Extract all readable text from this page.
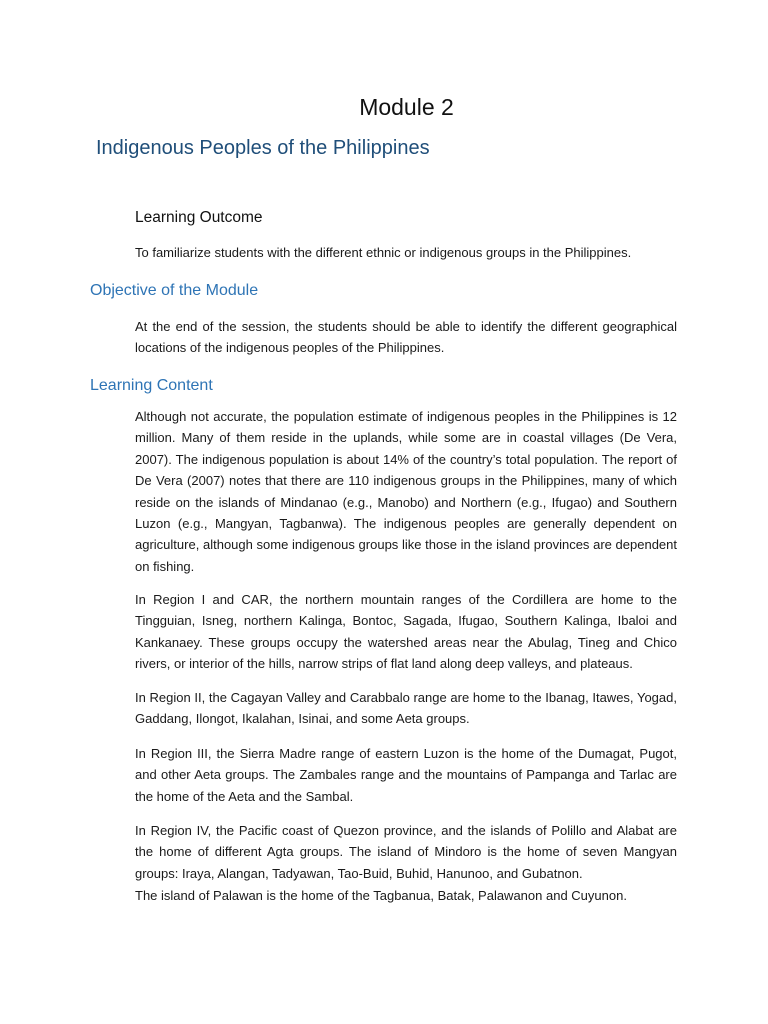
Module 2
Indigenous Peoples of the Philippines
Learning Outcome

To familiarize students with the different ethnic or indigenous groups in the Philippines.

Objective of the Module

At the end of the session, the students should be able to identify the different geographical locations of the indigenous peoples of the Philippines.

Learning Content

Although not accurate, the population estimate of indigenous peoples in the Philippines is 12 million. Many of them reside in the uplands, while some are in coastal villages (De Vera, 2007). The indigenous population is about 14% of the country’s total population. The report of De Vera (2007) notes that there are 110 indigenous groups in the Philippines, many of which reside on the islands of Mindanao (e.g., Manobo) and Northern (e.g., Ifugao) and Southern Luzon (e.g., Mangyan, Tagbanwa). The indigenous peoples are generally dependent on agriculture, although some indigenous groups like those in the island provinces are dependent on fishing.

In Region I and CAR, the northern mountain ranges of the Cordillera are home to the Tingguian, Isneg, northern Kalinga, Bontoc, Sagada, Ifugao, Southern Kalinga, Ibaloi and Kankanaey. These groups occupy the watershed areas near the Abulag, Tineg and Chico rivers, or interior of the hills, narrow strips of flat land along deep valleys, and plateaus.

In Region II, the Cagayan Valley and Carabbalo range are home to the Ibanag, Itawes, Yogad, Gaddang, Ilongot, Ikalahan, Isinai, and some Aeta groups.

In Region III, the Sierra Madre range of eastern Luzon is the home of the Dumagat, Pugot, and other Aeta groups. The Zambales range and the mountains of Pampanga and Tarlac are the home of the Aeta and the Sambal.

In Region IV, the Pacific coast of Quezon province, and the islands of Polillo and Alabat are the home of different Agta groups. The island of Mindoro is the home of seven Mangyan groups: Iraya, Alangan, Tadyawan, Tao-Buid, Buhid, Hanunoo, and Gubatnon.

The island of Palawan is the home of the Tagbanua, Batak, Palawanon and Cuyunon.
